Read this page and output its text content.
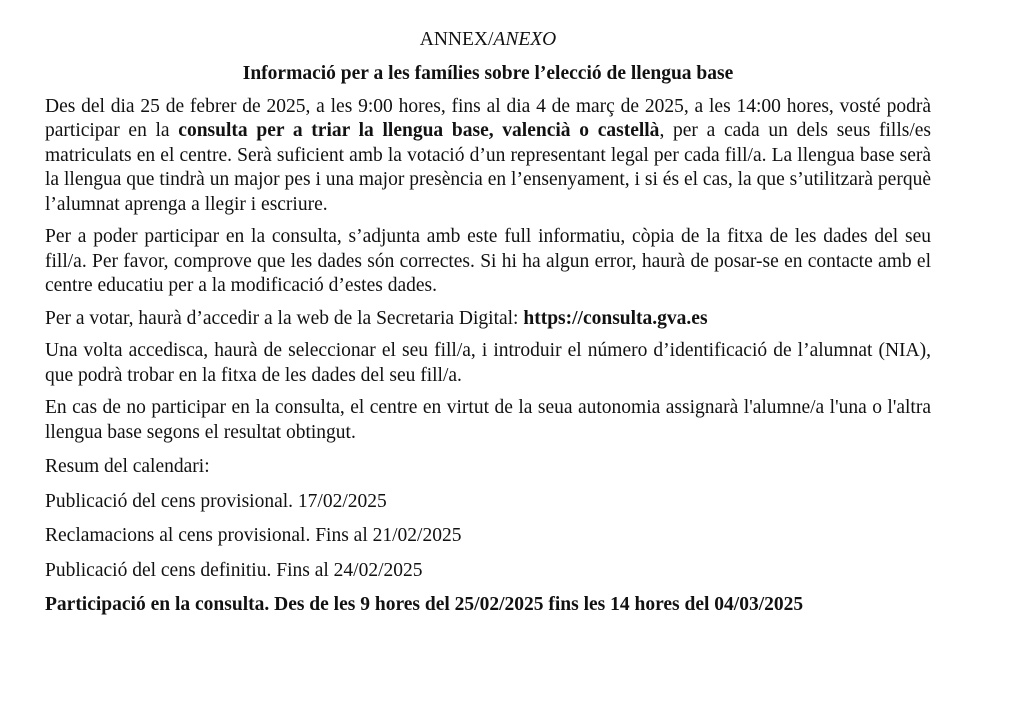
ANNEX/ANEXO
Informació per a les famílies sobre l’elecció de llengua base

Des del dia 25 de febrer de 2025, a les 9:00 hores, fins al dia 4 de març de 2025, a les 14:00 hores, vosté podrà participar en la consulta per a triar la llengua base, valencià o castellà, per a cada un dels seus fills/es matriculats en el centre. Serà suficient amb la votació d’un representant legal per cada fill/a. La llengua base serà la llengua que tindrà un major pes i una major presència en l’ensenyament, i si és el cas, la que s’utilitzarà perquè l’alumnat aprenga a llegir i escriure.

Per a poder participar en la consulta, s’adjunta amb este full informatiu, còpia de la fitxa de les dades del seu fill/a. Per favor, comprove que les dades són correctes. Si hi ha algun error, haurà de posar-se en contacte amb el centre educatiu per a la modificació d’estes dades.

Per a votar, haurà d’accedir a la web de la Secretaria Digital: https://consulta.gva.es

Una volta accedisca, haurà de seleccionar el seu fill/a, i introduir el número d’identificació de l’alumnat (NIA), que podrà trobar en la fitxa de les dades del seu fill/a.

En cas de no participar en la consulta, el centre en virtut de la seua autonomia assignarà l'alumne/a l'una o l'altra llengua base segons el resultat obtingut.

Resum del calendari:
Publicació del cens provisional. 17/02/2025
Reclamacions al cens provisional. Fins al 21/02/2025
Publicació del cens definitiu. Fins al 24/02/2025

Participació en la consulta. Des de les 9 hores del 25/02/2025 fins les 14 hores del 04/03/2025
